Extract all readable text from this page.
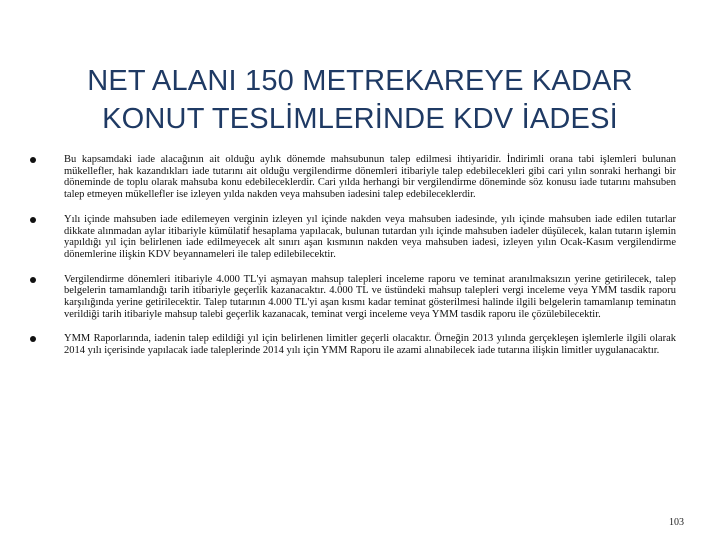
NET ALANI 150 METREKAREYE KADAR
KONUT TESLİMLERİNDE KDV İADESİ
Bu kapsamdaki iade alacağının ait olduğu aylık dönemde mahsubunun talep edilmesi ihtiyaridir. İndirimli orana tabi işlemleri bulunan mükellefler, hak kazandıkları iade tutarını ait olduğu vergilendirme dönemleri itibariyle talep edebilecekleri gibi cari yılın sonraki herhangi bir döneminde de toplu olarak mahsuba konu edebileceklerdir. Cari yılda herhangi bir vergilendirme döneminde söz konusu iade tutarını mahsuben talep etmeyen mükellefler ise izleyen yılda nakden veya mahsuben iadesini talep edebileceklerdir.
Yılı içinde mahsuben iade edilemeyen verginin izleyen yıl içinde nakden veya mahsuben iadesinde, yılı içinde mahsuben iade edilen tutarlar dikkate alınmadan aylar itibariyle kümülatif hesaplama yapılacak, bulunan tutardan yılı içinde mahsuben iadeler düşülecek, kalan tutarın işlemin yapıldığı yıl için belirlenen iade edilmeyecek alt sınırı aşan kısmının nakden veya mahsuben iadesi, izleyen yılın Ocak-Kasım vergilendirme dönemlerine ilişkin KDV beyannameleri ile talep edilebilecektir.
Vergilendirme dönemleri itibariyle 4.000 TL'yi aşmayan mahsup talepleri inceleme raporu ve teminat aranılmaksızın yerine getirilecek, talep belgelerin tamamlandığı tarih itibariyle geçerlik kazanacaktır. 4.000 TL ve üstündeki mahsup talepleri vergi inceleme veya YMM tasdik raporu karşılığında yerine getirilecektir. Talep tutarının 4.000 TL'yi aşan kısmı kadar teminat gösterilmesi halinde ilgili belgelerin tamamlanıp teminatın verildiği tarih itibariyle mahsup talebi geçerlik kazanacak, teminat vergi inceleme veya YMM tasdik raporu ile çözülebilecektir.
YMM Raporlarında, iadenin talep edildiği yıl için belirlenen limitler geçerli olacaktır. Örneğin 2013 yılında gerçekleşen işlemlerle ilgili olarak 2014 yılı içerisinde yapılacak iade taleplerinde 2014 yılı için YMM Raporu ile azami alınabilecek iade tutarına ilişkin limitler uygulanacaktır.
103
